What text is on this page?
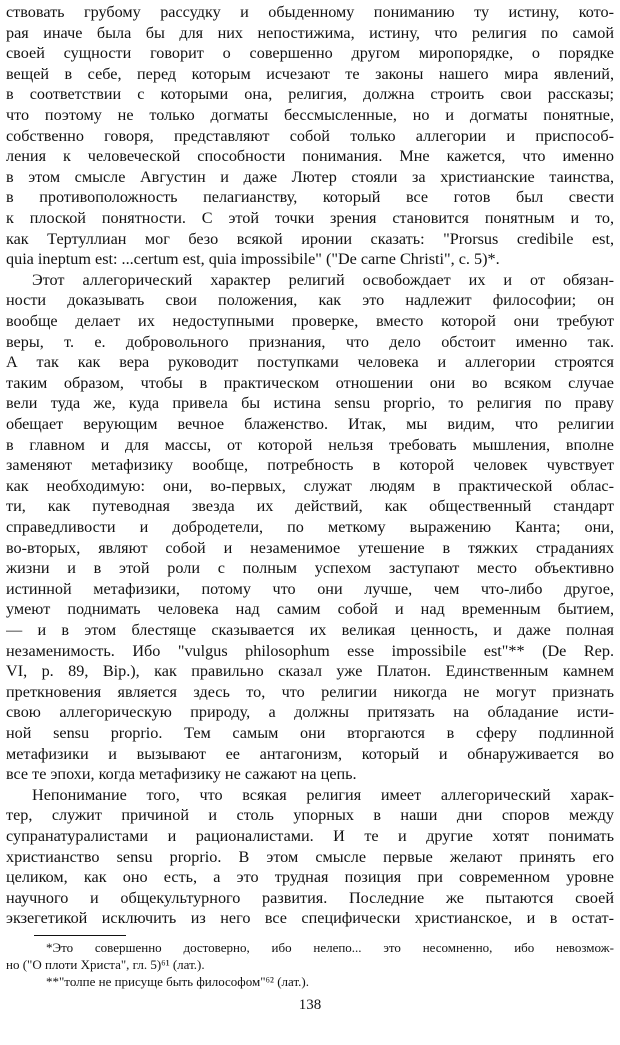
ствовать грубому рассудку и обыденному пониманию ту истину, кото-
рая иначе была бы для них непостижима, истину, что религия по самой
своей сущности говорит о совершенно другом миропорядке, о порядке
вещей в себе, перед которым исчезают те законы нашего мира явлений,
в соответствии с которыми она, религия, должна строить свои рассказы;
что поэтому не только догматы бессмысленные, но и догматы понятные,
собственно говоря, представляют собой только аллегории и приспособ-
ления к человеческой способности понимания. Мне кажется, что именно
в этом смысле Августин и даже Лютер стояли за христианские таинства,
в противоположность пелагианству, который все готов был свести
к плоской понятности. С этой точки зрения становится понятным и то,
как Тертуллиан мог безо всякой иронии сказать: "Prorsus credibile est,
quia ineptum est: ...certum est, quia impossibile" ("De carne Christi", c. 5)*.
Этот аллегорический характер религий освобождает их и от обязан-
ности доказывать свои положения, как это надлежит философии; он
вообще делает их недоступными проверке, вместо которой они требуют
веры, т. е. добровольного признания, что дело обстоит именно так.
А так как вера руководит поступками человека и аллегории строятся
таким образом, чтобы в практическом отношении они во всяком случае
вели туда же, куда привела бы истина sensu proprio, то религия по праву
обещает верующим вечное блаженство. Итак, мы видим, что религии
в главном и для массы, от которой нельзя требовать мышления, вполне
заменяют метафизику вообще, потребность в которой человек чувствует
как необходимую: они, во-первых, служат людям в практической облас-
ти, как путеводная звезда их действий, как общественный стандарт
справедливости и добродетели, по меткому выражению Канта; они,
во-вторых, являют собой и незаменимое утешение в тяжких страданиях
жизни и в этой роли с полным успехом заступают место объективно
истинной метафизики, потому что они лучше, чем что-либо другое,
умеют поднимать человека над самим собой и над временным бытием,
— и в этом блестяще сказывается их великая ценность, и даже полная
незаменимость. Ибо "vulgus philosophum esse impossibile est"** (De Rep.
VI, p. 89, Bip.), как правильно сказал уже Платон. Единственным камнем
преткновения является здесь то, что религии никогда не могут признать
свою аллегорическую природу, а должны притязать на обладание исти-
ной sensu proprio. Тем самым они вторгаются в сферу подлинной
метафизики и вызывают ее антагонизм, который и обнаруживается во
все те эпохи, когда метафизику не сажают на цепь.
Непонимание того, что всякая религия имеет аллегорический харак-
тер, служит причиной и столь упорных в наши дни споров между
супранатуралистами и рационалистами. И те и другие хотят понимать
христианство sensu proprio. В этом смысле первые желают принять его
целиком, как оно есть, а это трудная позиция при современном уровне
научного и общекультурного развития. Последние же пытаются своей
экзегетикой исключить из него все специфически христианское, и в остат-
*Это совершенно достоверно, ибо нелепо... это несомненно, ибо невозмож-
но ("О плоти Христа", гл. 5)⁶¹ (лат.).
**"толпе не присуще быть философом"⁶² (лат.).
138
